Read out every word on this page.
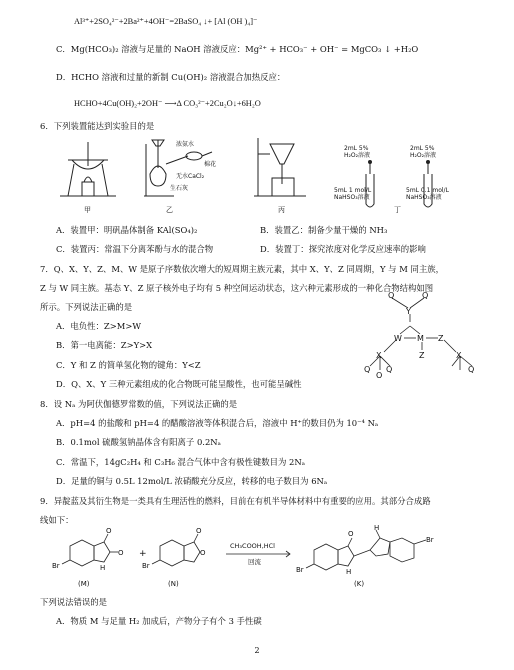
Al³⁺+2SO₄²⁻+2Ba²⁺+4OH⁻=2BaSO₄ ↓+ [Al (OH )₄]⁻
C．Mg(HCO₃)₂ 溶液与足量的 NaOH 溶液反应：Mg²⁺ + HCO₃⁻ + OH⁻ = MgCO₃ ↓ +H₂O
D．HCHO 溶液和过量的新制 Cu(OH)₂ 溶液混合加热反应：
HCHO+4Cu(OH)₂+2OH⁻ ⟶Δ CO₃²⁻+2Cu₂O↓+6H₂O
6．下列装置能达到实验目的是
浓氨水
棉花
无水CaCl₂
生石灰
2mL 5%
H₂O₂溶液
2mL 5%
H₂O₂溶液
5mL 1 mol/L
NaHSO₃溶液
5mL 0.1 mol/L
NaHSO₃溶液
甲	乙	丙	丁
A．装置甲：明矾晶体制备 KAl(SO₄)₂	B．装置乙：制备少量干燥的 NH₃
C．装置丙：常温下分离苯酚与水的混合物	D．装置丁：探究浓度对化学反应速率的影响
7．Q、X、Y、Z、M、W 是原子序数依次增大的短周期主族元素，其中 X、Y、Z 同周期，Y 与 M 同主族，
Z 与 W 同主族。基态 Y、Z 原子核外电子均有 5 种空间运动状态，这六种元素形成的一种化合物结构如图
所示。下列说法正确的是
A．电负性：Z>M>W
B．第一电离能：Z>Y>X
C．Y 和 Z 的简单氢化物的键角：Y<Z
D．Q、X、Y 三种元素组成的化合物既可能呈酸性，也可能呈碱性
Q	Q
Y
W M Z
Z
Q
X
Q
Q
X
Q
8．设 Nₐ 为阿伏伽德罗常数的值，下列说法正确的是
A．pH=4 的盐酸和 pH=4 的醋酸溶液等体积混合后，溶液中 H⁺的数目仍为 10⁻⁴ Nₐ
B．0.1mol 硫酸氢钠晶体含有阳离子 0.2Nₐ
C．常温下，14gC₂H₄ 和 C₃H₆ 混合气体中含有极性键数目为 2Nₐ
D．足量的铜与 0.5L 12mol/L 浓硝酸充分反应，转移的电子数目为 6Nₐ
9．异靛蓝及其衍生物是一类具有生理活性的燃料，目前在有机半导体材料中有重要的应用。其部分合成路
线如下：
Br
O
O
H
+
Br
O
O
CH₃COOH,HCl
回流
Br
O
H
H
Br
(M)	(N)	(K)
下列说法错误的是
A．物质 M 与足量 H₂ 加成后，产物分子有个 3 手性碳
2
